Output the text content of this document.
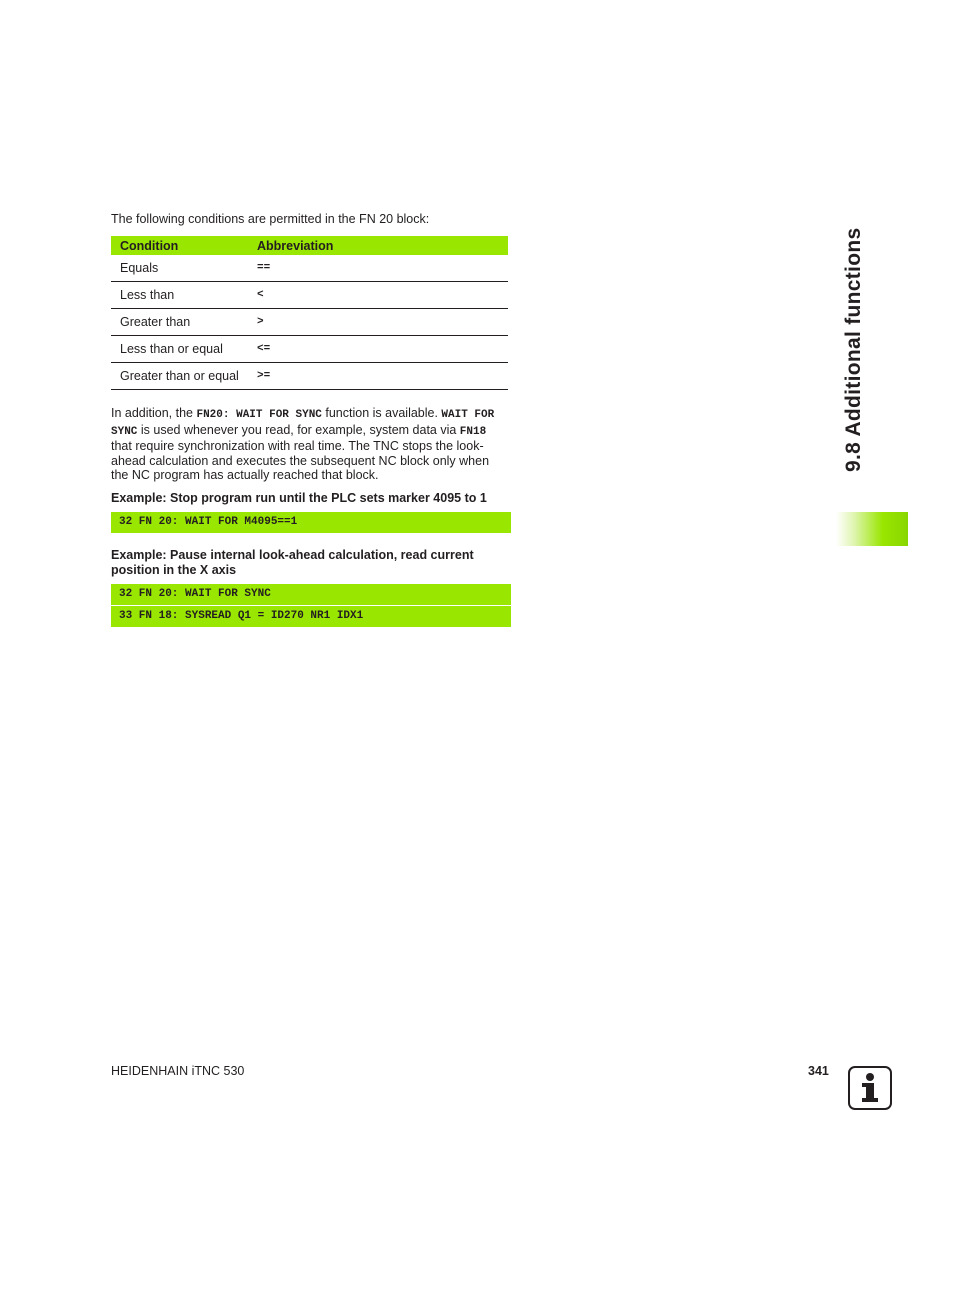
The following conditions are permitted in the FN 20 block:
Condition	Abbreviation
Equals	==
Less than	<
Greater than	>
Less than or equal	<=
Greater than or equal	>=
In addition, the FN20: WAIT FOR SYNC function is available. WAIT FOR SYNC is used whenever you read, for example, system data via FN18 that require synchronization with real time. The TNC stops the look-ahead calculation and executes the subsequent NC block only when the NC program has actually reached that block.
Example: Stop program run until the PLC sets marker 4095 to 1
32 FN 20: WAIT FOR M4095==1
Example: Pause internal look-ahead calculation, read current position in the X axis
32 FN 20: WAIT FOR SYNC
33 FN 18: SYSREAD Q1 = ID270 NR1 IDX1
9.8 Additional functions
HEIDENHAIN iTNC 530	341
